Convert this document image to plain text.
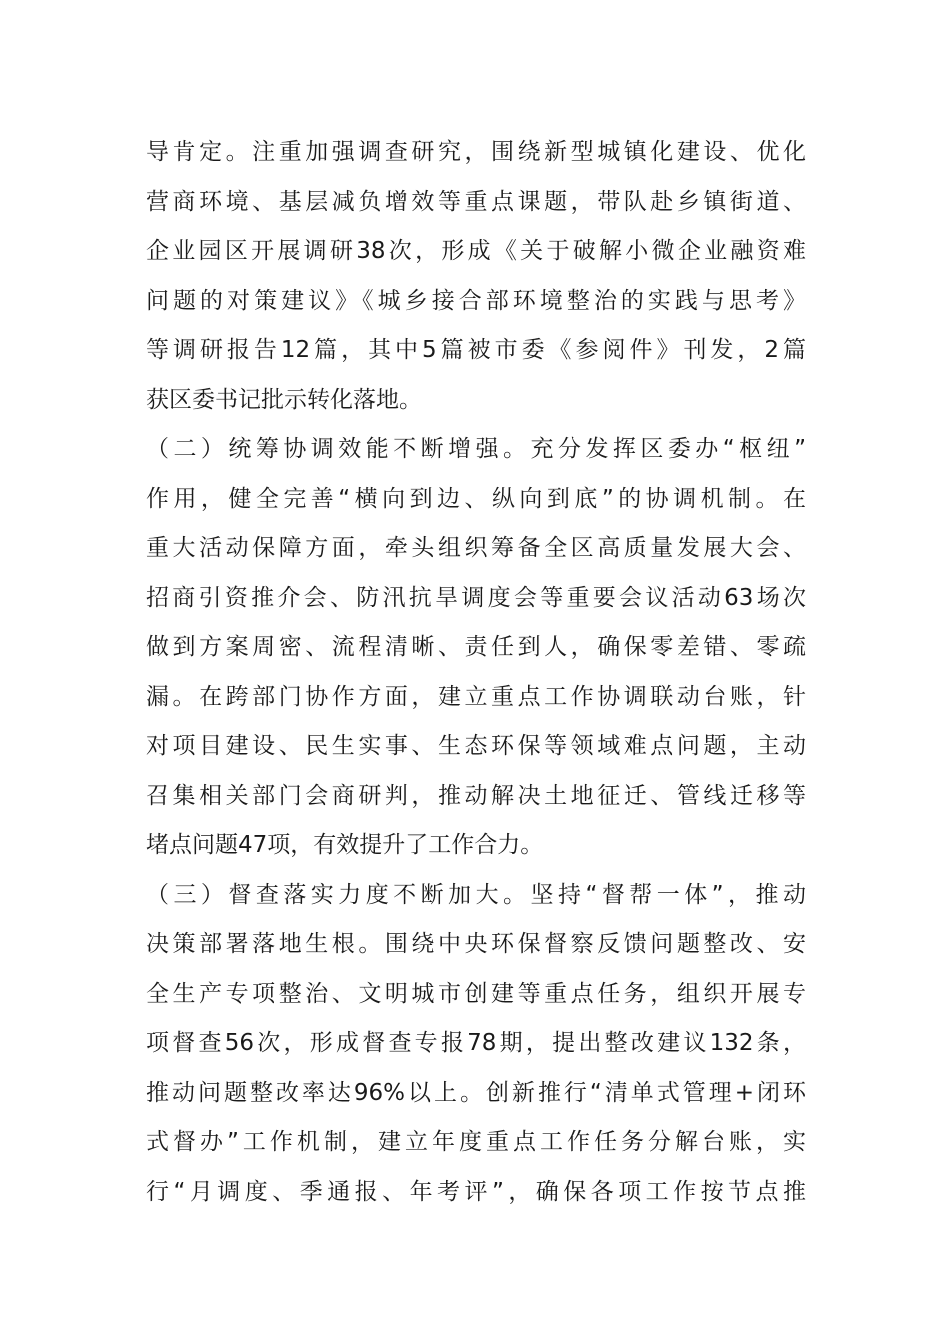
导肯定。注重加强调查研究，围绕新型城镇化建设、优化
营商环境、基层减负增效等重点课题，带队赴乡镇街道、
企业园区开展调研38次，形成《关于破解小微企业融资难
问题的对策建议》《城乡接合部环境整治的实践与思考》
等调研报告12篇，其中5篇被市委《参阅件》刊发，2篇
获区委书记批示转化落地。
（二）统筹协调效能不断增强。充分发挥区委办“枢纽”
作用，健全完善“横向到边、纵向到底”的协调机制。在
重大活动保障方面，牵头组织筹备全区高质量发展大会、
招商引资推介会、防汛抗旱调度会等重要会议活动63场次
做到方案周密、流程清晰、责任到人，确保零差错、零疏
漏。在跨部门协作方面，建立重点工作协调联动台账，针
对项目建设、民生实事、生态环保等领域难点问题，主动
召集相关部门会商研判，推动解决土地征迁、管线迁移等
堵点问题47项，有效提升了工作合力。
（三）督查落实力度不断加大。坚持“督帮一体”，推动
决策部署落地生根。围绕中央环保督察反馈问题整改、安
全生产专项整治、文明城市创建等重点任务，组织开展专
项督查56次，形成督查专报78期，提出整改建议132条，
推动问题整改率达96%以上。创新推行“清单式管理+闭环
式督办”工作机制，建立年度重点工作任务分解台账，实
行“月调度、季通报、年考评”，确保各项工作按节点推
